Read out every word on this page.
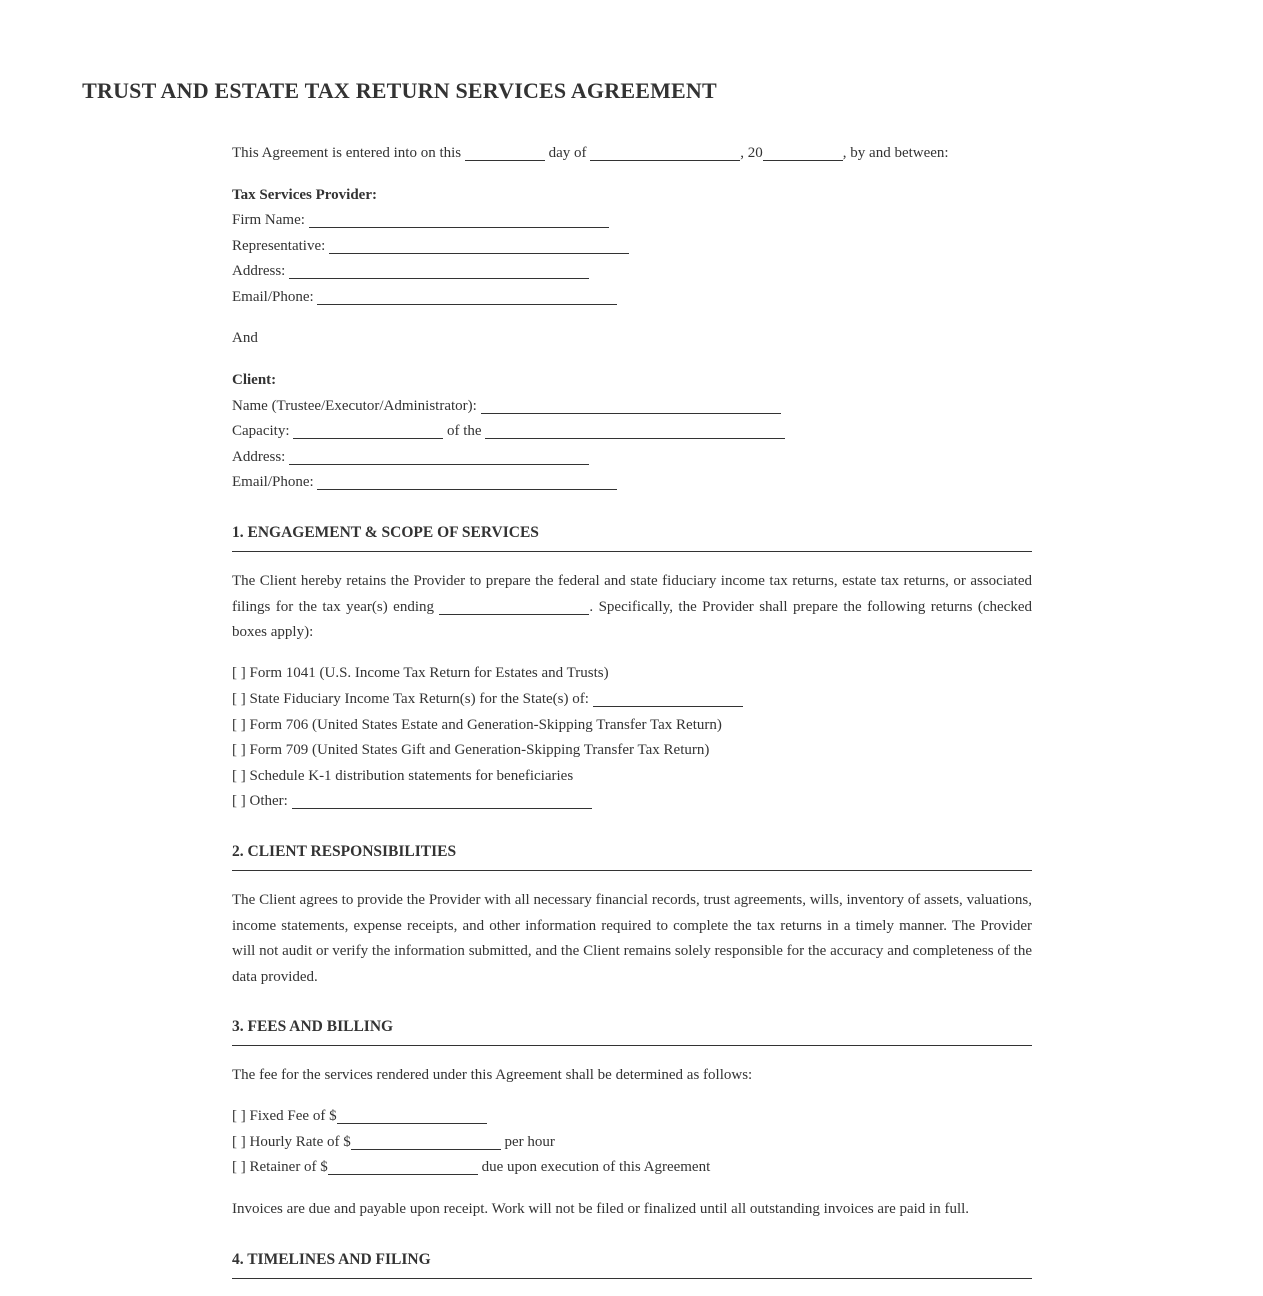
TRUST AND ESTATE TAX RETURN SERVICES AGREEMENT
This Agreement is entered into on this	day of	, 20	, by and between:
Tax Services Provider:
Firm Name:
Representative:
Address:
Email/Phone:
And
Client:
Name (Trustee/Executor/Administrator):
Capacity:	of the
Address:
Email/Phone:
1. ENGAGEMENT & SCOPE OF SERVICES
The Client hereby retains the Provider to prepare the federal and state fiduciary income tax returns, estate tax returns, or associated filings for the tax year(s) ending	. Specifically, the Provider shall prepare the following returns (checked boxes apply):
[ ] Form 1041 (U.S. Income Tax Return for Estates and Trusts)
[ ] State Fiduciary Income Tax Return(s) for the State(s) of:
[ ] Form 706 (United States Estate and Generation-Skipping Transfer Tax Return)
[ ] Form 709 (United States Gift and Generation-Skipping Transfer Tax Return)
[ ] Schedule K-1 distribution statements for beneficiaries
[ ] Other:
2. CLIENT RESPONSIBILITIES
The Client agrees to provide the Provider with all necessary financial records, trust agreements, wills, inventory of assets, valuations, income statements, expense receipts, and other information required to complete the tax returns in a timely manner. The Provider will not audit or verify the information submitted, and the Client remains solely responsible for the accuracy and completeness of the data provided.
3. FEES AND BILLING
The fee for the services rendered under this Agreement shall be determined as follows:
[ ] Fixed Fee of $
[ ] Hourly Rate of $	per hour
[ ] Retainer of $	due upon execution of this Agreement
Invoices are due and payable upon receipt. Work will not be filed or finalized until all outstanding invoices are paid in full.
4. TIMELINES AND FILING
